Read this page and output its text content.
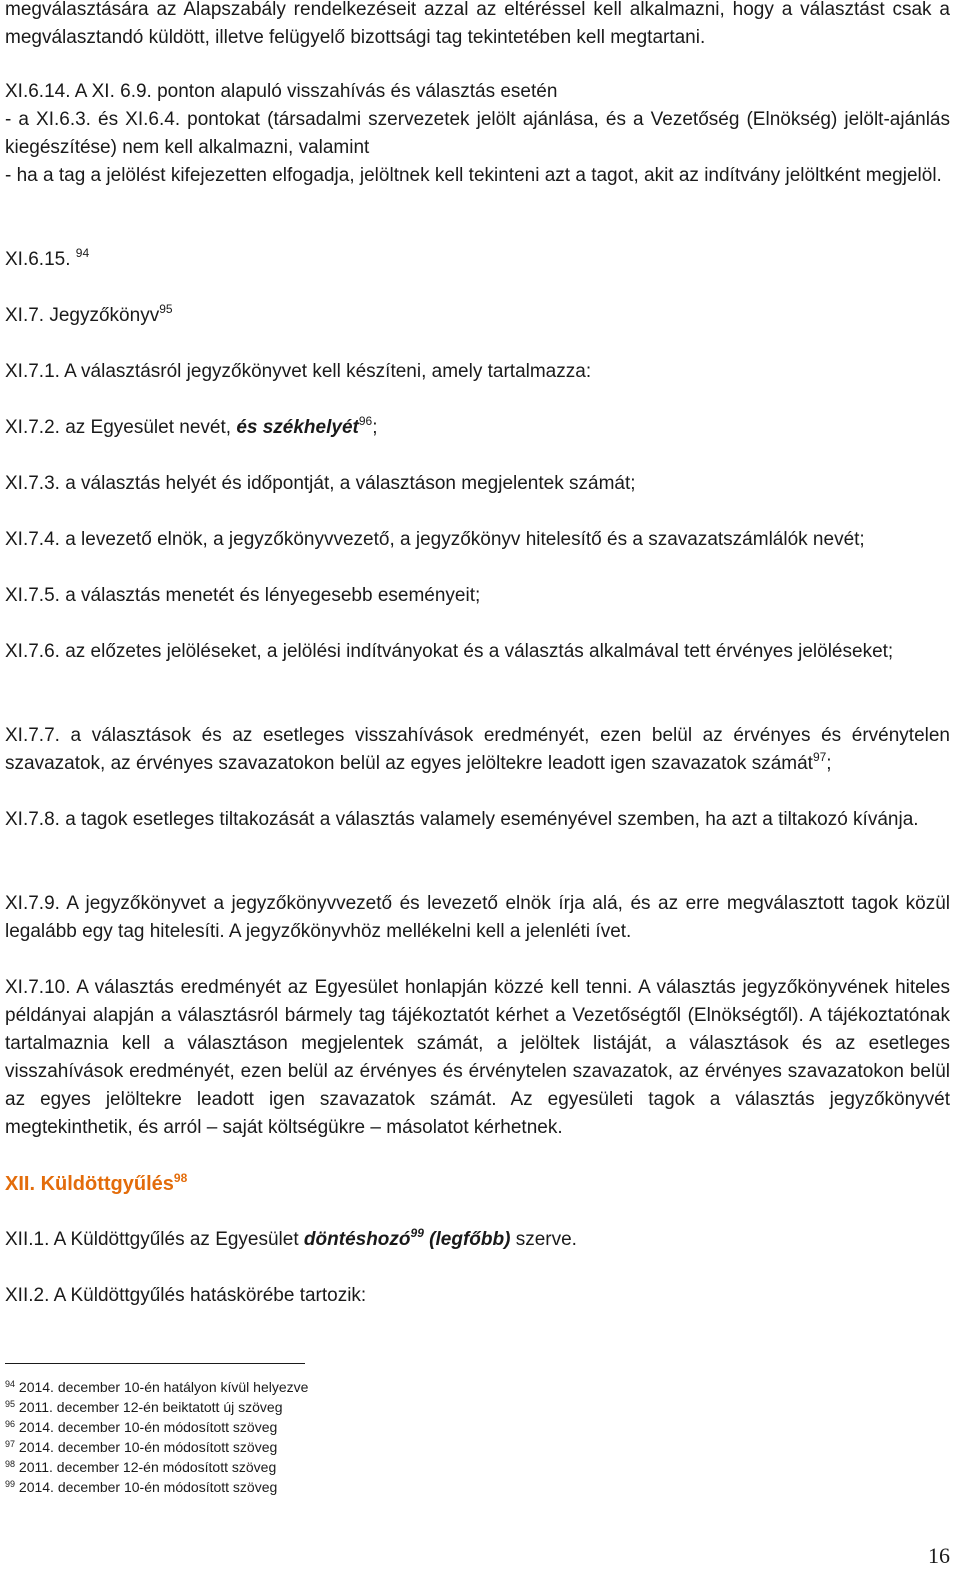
megválasztására az Alapszabály rendelkezéseit azzal az eltéréssel kell alkalmazni, hogy a választást csak a megválasztandó küldött, illetve felügyelő bizottsági tag tekintetében kell megtartani.

XI.6.14. A XI. 6.9. ponton alapuló visszahívás és választás esetén

- a XI.6.3. és XI.6.4. pontokat (társadalmi szervezetek jelölt ajánlása, és a Vezetőség (Elnökség) jelölt-ajánlás kiegészítése) nem kell alkalmazni, valamint

- ha a tag a jelölést kifejezetten elfogadja, jelöltnek kell tekinteni azt a tagot, akit az indítvány jelöltként megjelöl.

XI.6.15. $^{94}$

XI.7. Jegyzőkönyv$^{95}$

XI.7.1. A választásról jegyzőkönyvet kell készíteni, amely tartalmazza:

XI.7.2. az Egyesület nevét, és székhelyét$^{96}$;

XI.7.3. a választás helyét és időpontját, a választáson megjelentek számát;

XI.7.4. a levezető elnök, a jegyzőkönyvvezető, a jegyzőkönyv hitelesítő és a szavazatszámlálók nevét;

XI.7.5. a választás menetét és lényegesebb eseményeit;

XI.7.6. az előzetes jelöléseket, a jelölési indítványokat és a választás alkalmával tett érvényes jelöléseket;

XI.7.7. a választások és az esetleges visszahívások eredményét, ezen belül az érvényes és érvénytelen szavazatok, az érvényes szavazatokon belül az egyes jelöltekre leadott igen szavazatok számát$^{97}$;

XI.7.8. a tagok esetleges tiltakozását a választás valamely eseményével szemben, ha azt a tiltakozó kívánja.

XI.7.9. A jegyzőkönyvet a jegyzőkönyvvezető és levezető elnök írja alá, és az erre megválasztott tagok közül legalább egy tag hitelesíti. A jegyzőkönyvhöz mellékelni kell a jelenléti ívet.

XI.7.10. A választás eredményét az Egyesület honlapján közzé kell tenni. A választás jegyzőkönyvének hiteles példányai alapján a választásról bármely tag tájékoztatót kérhet a Vezetőségtől (Elnökségtől). A tájékoztatónak tartalmaznia kell a választáson megjelentek számát, a jelöltek listáját, a választások és az esetleges visszahívások eredményét, ezen belül az érvényes és érvénytelen szavazatok, az érvényes szavazatokon belül az egyes jelöltekre leadott igen szavazatok számát. Az egyesületi tagok a választás jegyzőkönyvét megtekinthetik, és arról – saját költségükre – másolatot kérhetnek.

XII. Küldöttgyűlés$^{98}$

XII.1. A Küldöttgyűlés az Egyesület döntéshozó$^{99}$ (legfőbb) szerve.

XII.2. A Küldöttgyűlés hatáskörébe tartozik:

$^{94}$ 2014. december 10-én hatályon kívül helyezve
$^{95}$ 2011. december 12-én beiktatott új szöveg
$^{96}$ 2014. december 10-én módosított szöveg
$^{97}$ 2014. december 10-én módosított szöveg
$^{98}$ 2011. december 12-én módosított szöveg
$^{99}$ 2014. december 10-én módosított szöveg
16
